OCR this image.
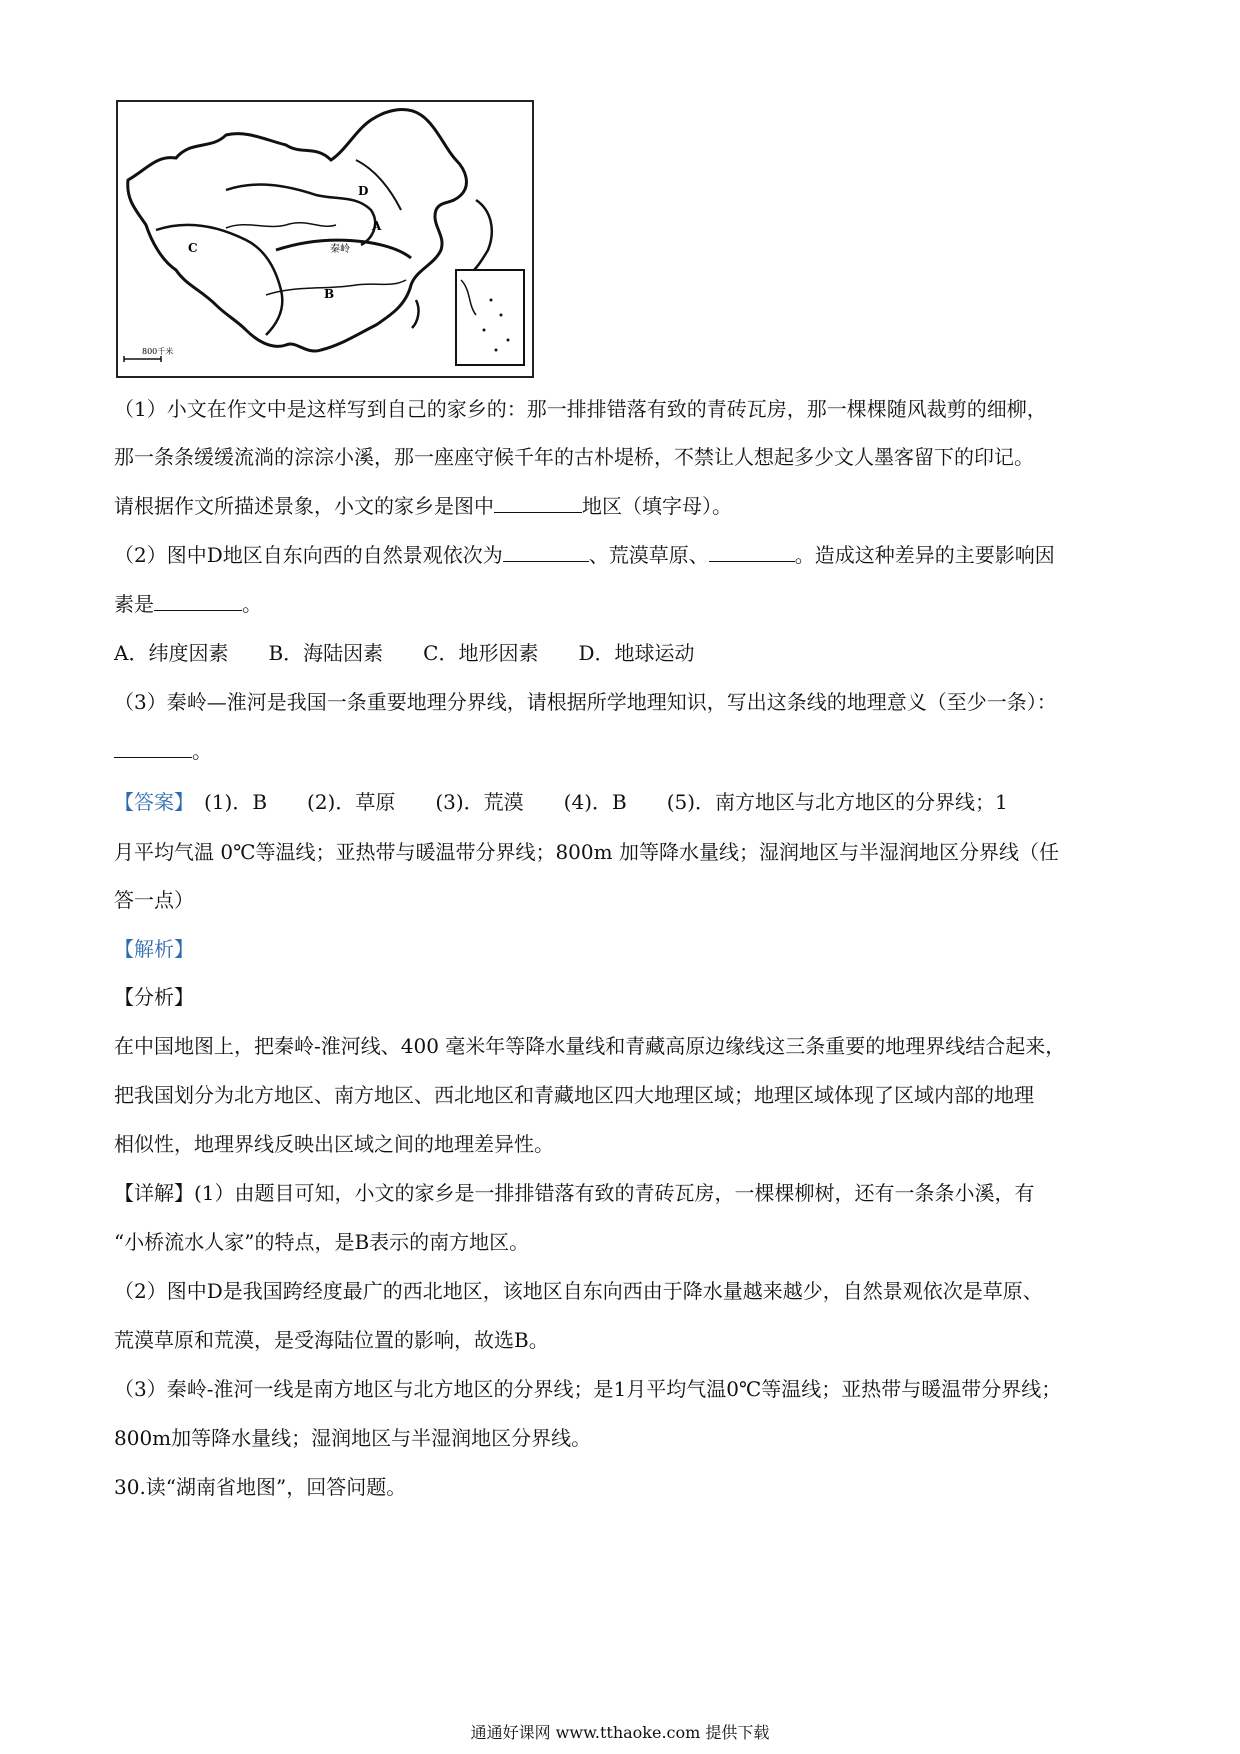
D
A
C
B
秦岭
800千米
（1）小文在作文中是这样写到自己的家乡的：那一排排错落有致的青砖瓦房，那一棵棵随风裁剪的细柳，
那一条条缓缓流淌的淙淙小溪，那一座座守候千年的古朴堤桥，不禁让人想起多少文人墨客留下的印记。
请根据作文所描述景象，小文的家乡是图中	地区（填字母）。
（2）图中D地区自东向西的自然景观依次为	、荒漠草原、	。造成这种差异的主要影响因
素是	。
A．纬度因素　　B．海陆因素　　C．地形因素　　D．地球运动
（3）秦岭—淮河是我国一条重要地理分界线，请根据所学地理知识，写出这条线的地理意义（至少一条）：
。
【答案】　(1)．B　　(2)．草原　　(3)．荒漠　　(4)．B　　(5)．南方地区与北方地区的分界线；1
月平均气温 0℃等温线；亚热带与暖温带分界线；800m 加等降水量线；湿润地区与半湿润地区分界线（任
答一点）
【解析】
【分析】
在中国地图上，把秦岭-淮河线、400 毫米年等降水量线和青藏高原边缘线这三条重要的地理界线结合起来，
把我国划分为北方地区、南方地区、西北地区和青藏地区四大地理区域；地理区域体现了区域内部的地理
相似性，地理界线反映出区域之间的地理差异性。
【详解】(1）由题目可知，小文的家乡是一排排错落有致的青砖瓦房，一棵棵柳树，还有一条条小溪，有
“小桥流水人家”的特点，是B表示的南方地区。
（2）图中D是我国跨经度最广的西北地区，该地区自东向西由于降水量越来越少，自然景观依次是草原、
荒漠草原和荒漠，是受海陆位置的影响，故选B。
（3）秦岭-淮河一线是南方地区与北方地区的分界线；是1月平均气温0℃等温线；亚热带与暖温带分界线；
800m加等降水量线；湿润地区与半湿润地区分界线。
30.读“湖南省地图”，回答问题。
通通好课网 www.tthaoke.com 提供下载
